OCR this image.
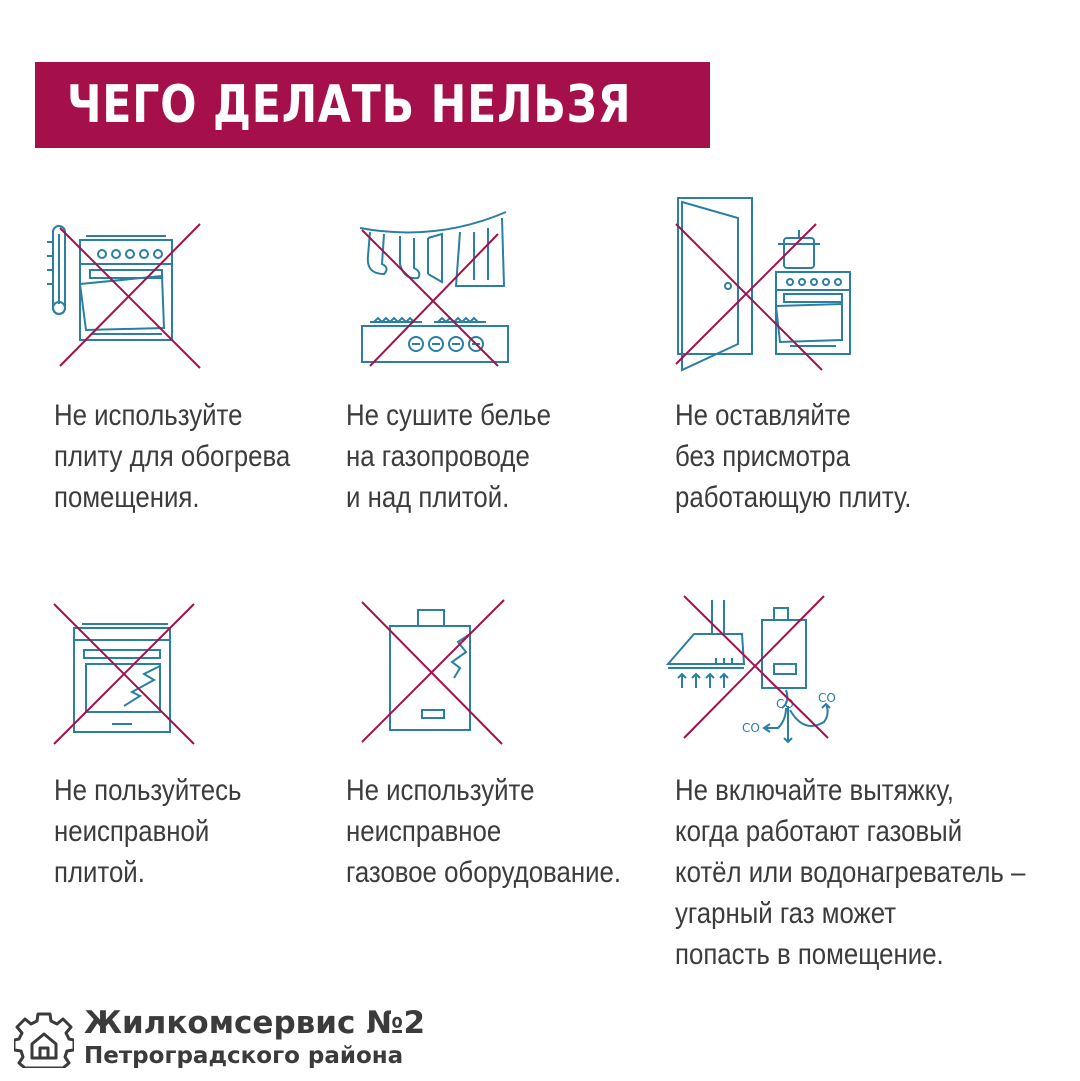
ЧЕГО ДЕЛАТЬ НЕЛЬЗЯ
CO CO
CO
Не используйте
плиту для обогрева
помещения.
Не сушите белье
на газопроводе
и над плитой.
Не оставляйте
без присмотра
работающую плиту.
Не пользуйтесь
неисправной
плитой.
Не используйте
неисправное
газовое оборудование.
Не включайте вытяжку,
когда работают газовый
котёл или водонагреватель –
угарный газ может
попасть в помещение.
Жилкомсервис №2
Петроградского района
